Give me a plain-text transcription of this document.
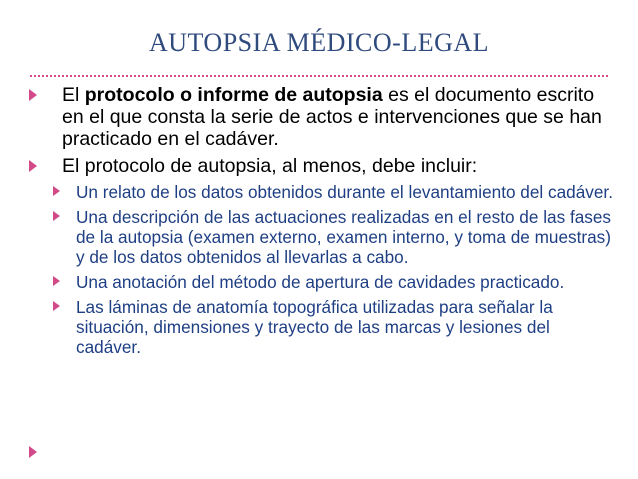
AUTOPSIA MÉDICO-LEGAL
El protocolo o informe de autopsia es el documento escrito en el que consta la serie de actos e intervenciones que se han practicado en el cadáver.
El protocolo de autopsia, al menos, debe incluir:
Un relato de los datos obtenidos durante el levantamiento del cadáver.
Una descripción de las actuaciones realizadas en el resto de las fases de la autopsia (examen externo, examen interno, y toma de muestras) y de los datos obtenidos al llevarlas a cabo.
Una anotación del método de apertura de cavidades practicado.
Las láminas de anatomía topográfica utilizadas para señalar la situación, dimensiones y trayecto de las marcas y lesiones del cadáver.
